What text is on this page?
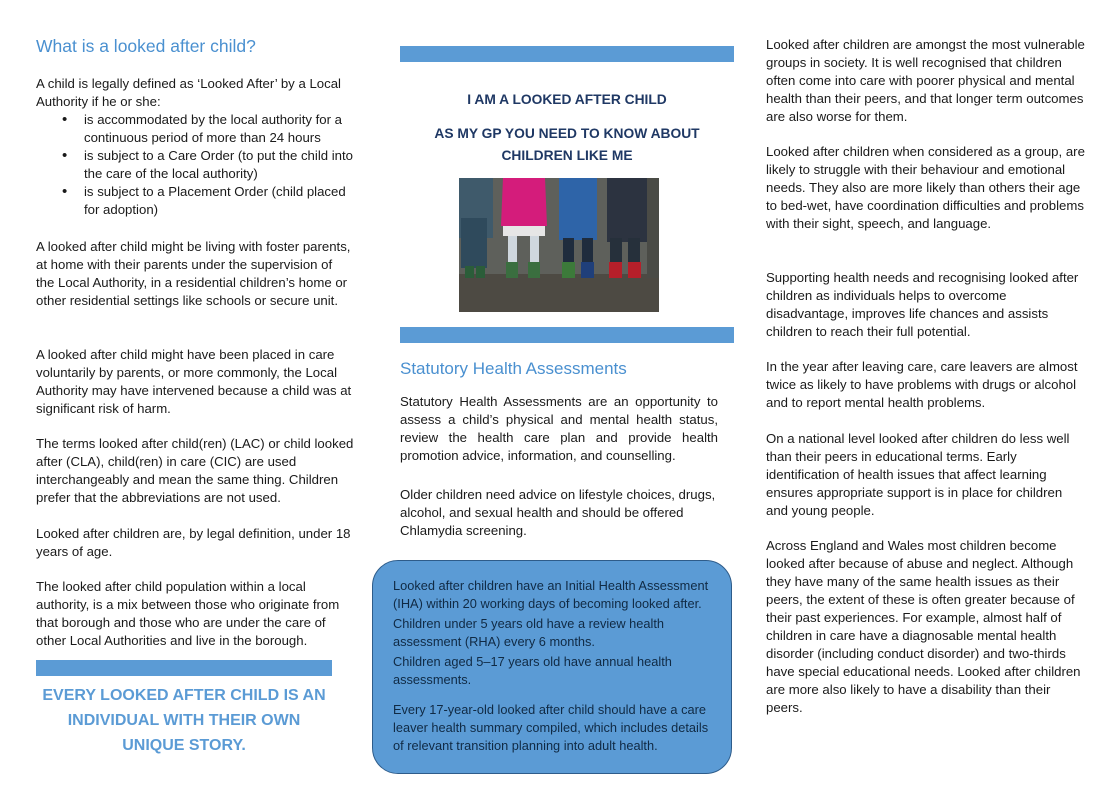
What is a looked after child?

A child is legally defined as ‘Looked After’ by a Local Authority if he or she:

• is accommodated by the local authority for a continuous period of more than 24 hours
• is subject to a Care Order (to put the child into the care of the local authority)
• is subject to a Placement Order (child placed for adoption)

A looked after child might be living with foster parents, at home with their parents under the supervision of the Local Authority, in a residential children’s home or other residential settings like schools or secure unit.

A looked after child might have been placed in care voluntarily by parents, or more commonly, the Local Authority may have intervened because a child was at significant risk of harm.

The terms looked after child(ren) (LAC) or child looked after (CLA), child(ren) in care (CIC) are used interchangeably and mean the same thing. Children prefer that the abbreviations are not used.

Looked after children are, by legal definition, under 18 years of age.

The looked after child population within a local authority, is a mix between those who originate from that borough and those who are under the care of other Local Authorities and live in the borough.

EVERY LOOKED AFTER CHILD IS AN INDIVIDUAL WITH THEIR OWN UNIQUE STORY.
I AM A LOOKED AFTER CHILD
AS MY GP YOU NEED TO KNOW ABOUT CHILDREN LIKE ME
Statutory Health Assessments

Statutory Health Assessments are an opportunity to assess a child’s physical and mental health status, review the health care plan and provide health promotion advice, information, and counselling.

Older children need advice on lifestyle choices, drugs, alcohol, and sexual health and should be offered Chlamydia screening.

Looked after children have an Initial Health Assessment (IHA) within 20 working days of becoming looked after.

Children under 5 years old have a review health assessment (RHA) every 6 months.

Children aged 5–17 years old have annual health assessments.

Every 17-year-old looked after child should have a care leaver health summary compiled, which includes details of relevant transition planning into adult health.

Looked after children are amongst the most vulnerable groups in society. It is well recognised that children often come into care with poorer physical and mental health than their peers, and that longer term outcomes are also worse for them.

Looked after children when considered as a group, are likely to struggle with their behaviour and emotional needs. They also are more likely than others their age to bed-wet, have coordination difficulties and problems with their sight, speech, and language.

Supporting health needs and recognising looked after children as individuals helps to overcome disadvantage, improves life chances and assists children to reach their full potential.

In the year after leaving care, care leavers are almost twice as likely to have problems with drugs or alcohol and to report mental health problems.

On a national level looked after children do less well than their peers in educational terms. Early identification of health issues that affect learning ensures appropriate support is in place for children and young people.

Across England and Wales most children become looked after because of abuse and neglect. Although they have many of the same health issues as their peers, the extent of these is often greater because of their past experiences. For example, almost half of children in care have a diagnosable mental health disorder (including conduct disorder) and two-thirds have special educational needs. Looked after children are more also likely to have a disability than their peers.
